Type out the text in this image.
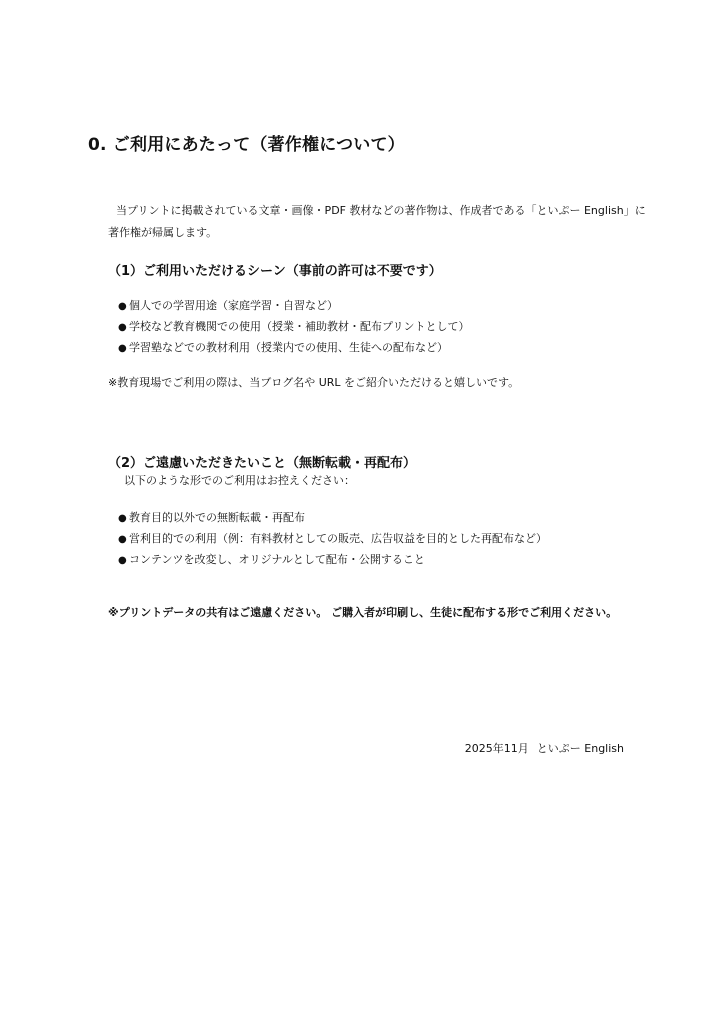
0. ご利用にあたって（著作権について）
当プリントに掲載されている文章・画像・PDF 教材などの著作物は、作成者である「といぷー English」に著作権が帰属します。
（1）ご利用いただけるシーン（事前の許可は不要です）
● 個人での学習用途（家庭学習・自習など）
● 学校など教育機関での使用（授業・補助教材・配布プリントとして）
● 学習塾などでの教材利用（授業内での使用、生徒への配布など）
※教育現場でご利用の際は、当ブログ名や URL をご紹介いただけると嬉しいです。
（2）ご遠慮いただきたいこと（無断転載・再配布）
以下のような形でのご利用はお控えください：
● 教育目的以外での無断転載・再配布
● 営利目的での利用（例：有料教材としての販売、広告収益を目的とした再配布など）
● コンテンツを改変し、オリジナルとして配布・公開すること
※プリントデータの共有はご遠慮ください。 ご購入者が印刷し、生徒に配布する形でご利用ください。
2025年11月 といぷー English
